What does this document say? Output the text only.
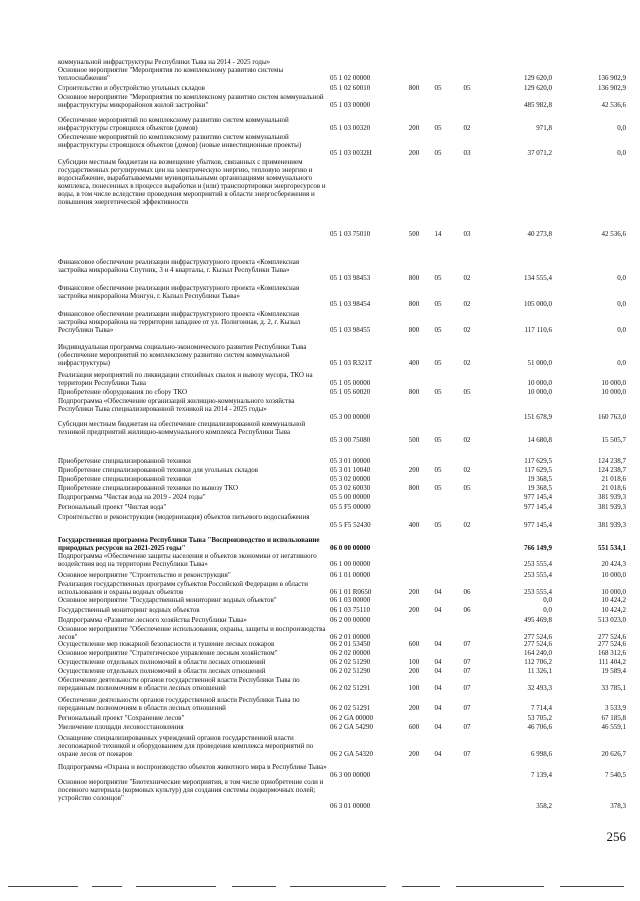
коммунальной инфраструктуры Республики Тыва на 2014 - 2025 годы»
Основное мероприятие "Мероприятия по комплексному развитию системы теплоснабжения"	05 1 02 00000	129 620,0	136 902,9
Строительство и обустройство угольных складов	05 1 02 60010	800	05	05	129 620,0	136 902,9
Основное мероприятие "Мероприятия по комплексному развитию систем коммунальной инфраструктуры микрорайонов жилой застройки"	05 1 03 00000	485 982,8	42 536,6
Обеспечение мероприятий по комплексному развитию систем коммунальной инфраструктуры строящихся объектов (домов)	05 1 03 00320	200	05	02	971,8	0,0
Обеспечение мероприятий по комплексному развитию систем коммунальной инфраструктуры строящихся объектов (домов) (новые инвестиционные проекты)
05 1 03 0032Н	200	05	03	37 071,2	0,0
Субсидии местным бюджетам на возмещение убытков, связанных с применением государственных регулируемых цен на электрическую энергию, тепловую энергию и водоснабжение, вырабатываемыми муниципальными организациями коммунального комплекса, понесенных в процессе выработки и (или) транспортировки энергоресурсов и воды, в том числе вследствие проведения мероприятий в области энергосбережения и повышения энергетической эффективности
05 1 03 75010	500	14	03	40 273,8	42 536,6
Финансовое обеспечение реализации инфраструктурного проекта «Комплексная застройка микрорайона Спутник, 3 и 4 кварталы, г. Кызыл Республики Тыва»
05 1 03 98453	800	05	02	134 555,4	0,0
Финансовое обеспечение реализации инфраструктурного проекта «Комплексная застройка микрорайона Монгун, г. Кызыл Республики Тыва»
05 1 03 98454	800	05	02	105 000,0	0,0
Финансовое обеспечение реализации инфраструктурного проекта «Комплексная застройка микрорайона на территории западнее от ул. Полигонная, д. 2, г. Кызыл Республики Тыва»	05 1 03 98455	800	05	02	117 110,6	0,0
Индивидуальная программа социально-экономического развития Республики Тыва (обеспечение мероприятий по комплексному развитию систем коммунальной инфраструктуры)	05 1 03 R321T	400	05	02	51 000,0	0,0
Реализация мероприятий по ликвидации стихийных свалок и вывозу мусора, ТКО на территории Республики Тыва	05 1 05 00000	10 000,0	10 000,0
Приобретение оборудования по сбору ТКО	05 1 05 60020	800	05	05	10 000,0	10 000,0
Подпрограмма «Обеспечение организаций жилищно-коммунального хозяйства Республики Тыва специализированной техникой на 2014 - 2025 годы»
05 3 00 00000	151 678,9	160 763,0
Субсидии местным бюджетам на обеспечение специализированной коммунальной техникой предприятий жилищно-коммунального комплекса Республики Тыва
05 3 00 75080	500	05	02	14 680,8	15 505,7
Приобретение специализированной техники	05 3 01 00000	117 629,5	124 238,7
Приобретение специализированной техники для угольных складов	05 3 01 10040	200	05	02	117 629,5	124 238,7
Приобретение специализированной техники	05 3 02 00000	19 368,5	21 018,6
Приобретение специализированной техники по вывозу ТКО	05 3 02 60030	800	05	05	19 368,5	21 018,6
Подпрограмма "Чистая вода на 2019 - 2024 годы"	05 5 00 00000	977 145,4	381 939,3
Региональный проект "Чистая вода"	05 5 F5 00000	977 145,4	381 939,3
Строительство и реконструкция (модернизация) объектов питьевого водоснабжения
05 5 F5 52430	400	05	02	977 145,4	381 939,3
Государственная программа Республики Тыва "Воспроизводство и использование природных ресурсов на 2021-2025 годы"	06 0 00 00000	766 149,9	551 534,1
Подпрограмма «Обеспечение защиты населения и объектов экономики от негативного воздействия вод на территории Республики Тыва»	06 1 00 00000	253 555,4	20 424,3
Основное мероприятие "Строительство и реконструкция"	06 1 01 00000	253 555,4	10 000,0
Реализация государственных программ субъектов Российской Федерации в области использования и охраны водных объектов	06 1 01 R0650	200	04	06	253 555,4	10 000,0
Основное мероприятие "Государственный мониторинг водных объектов"	06 1 03 00000	0,0	10 424,2
Государственный мониторинг водных объектов	06 1 03 75110	200	04	06	0,0	10 424,2
Подпрограмма «Развитие лесного хозяйства Республики Тыва»	06 2 00 00000	495 469,8	513 023,0
Основное мероприятие "Обеспечение использования, охраны, защиты и воспроизводства лесов"	06 2 01 00000	277 524,6	277 524,6
Осуществление мер пожарной безопасности и тушение лесных пожаров	06 2 01 53450	600	04	07	277 524,6	277 524,6
Основное мероприятие "Стратегическое управление лесным хозяйством"	06 2 02 00000	164 240,0	168 312,6
Осуществление отдельных полномочий в области лесных отношений	06 2 02 51290	100	04	07	112 706,2	111 404,2
Осуществление отдельных полномочий в области лесных отношений	06 2 02 51290	200	04	07	11 326,1	19 589,4
Обеспечение деятельности органов государственной власти Республики Тыва по переданным полномочиям в области лесных отношений	06 2 02 51291	100	04	07	32 493,3	33 785,1
Обеспечение деятельности органов государственной власти Республики Тыва по переданным полномочиям в области лесных отношений	06 2 02 51291	200	04	07	7 714,4	3 533,9
Региональный проект "Сохранение лесов"	06 2 GA 00000	53 705,2	67 185,8
Увеличение площади лесовосстановления	06 2 GA 54290	600	04	07	46 706,6	46 559,1
Оснащение специализированных учреждений органов государственной власти лесопожарной техникой и оборудованием для проведения комплекса мероприятий по охране лесов от пожаров	06 2 GA 54320	200	04	07	6 998,6	20 626,7
Подпрограмма «Охрана и воспроизводство объектов животного мира в Республике Тыва»
06 3 00 00000	7 139,4	7 540,5
Основное мероприятие "Биотехнические мероприятия, в том числе приобретение соли и посевного материала (кормовых культур) для создания системы подкормочных полей; устройство солонцов"
06 3 01 00000	358,2	378,3
256
